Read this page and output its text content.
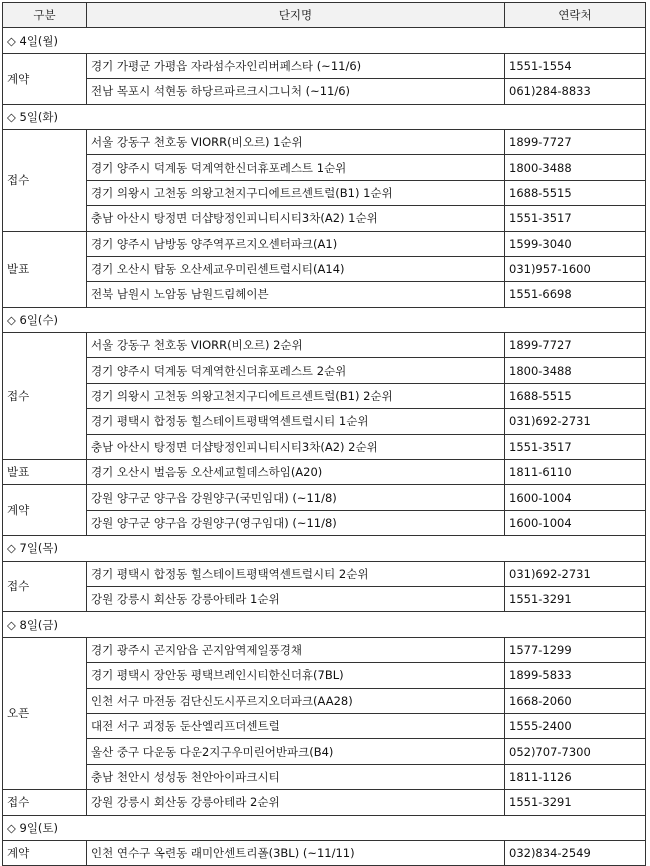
구분	단지명	연락처
◇ 4일(월)		
계약	경기 가평군 가평읍 자라섬수자인리버페스타 (~11/6)	1551-1554
	전남 목포시 석현동 하당르파르크시그니처 (~11/6)	061)284-8833
◇ 5일(화)		
접수	서울 강동구 천호동 VIORR(비오르) 1순위	1899-7727
	경기 양주시 덕계동 덕계역한신더휴포레스트 1순위	1800-3488
	경기 의왕시 고천동 의왕고천지구디에트르센트럴(B1) 1순위	1688-5515
	충남 아산시 탕정면 더샵탕정인피니티시티3차(A2) 1순위	1551-3517
발표	경기 양주시 남방동 양주역푸르지오센터파크(A1)	1599-3040
	경기 오산시 탑동 오산세교우미린센트럴시티(A14)	031)957-1600
	전북 남원시 노암동 남원드림헤이븐	1551-6698
◇ 6일(수)		
접수	서울 강동구 천호동 VIORR(비오르) 2순위	1899-7727
	경기 양주시 덕계동 덕계역한신더휴포레스트 2순위	1800-3488
	경기 의왕시 고천동 의왕고천지구디에트르센트럴(B1) 2순위	1688-5515
	경기 평택시 합정동 힐스테이트평택역센트럴시티 1순위	031)692-2731
	충남 아산시 탕정면 더샵탕정인피니티시티3차(A2) 2순위	1551-3517
발표	경기 오산시 벌음동 오산세교힐데스하임(A20)	1811-6110
계약	강원 양구군 양구읍 강원양구(국민임대) (~11/8)	1600-1004
	강원 양구군 양구읍 강원양구(영구임대) (~11/8)	1600-1004
◇ 7일(목)		
접수	경기 평택시 합정동 힐스테이트평택역센트럴시티 2순위	031)692-2731
	강원 강릉시 회산동 강릉아테라 1순위	1551-3291
◇ 8일(금)		
오픈	경기 광주시 곤지암읍 곤지암역제일풍경채	1577-1299
	경기 평택시 장안동 평택브레인시티한신더휴(7BL)	1899-5833
	인천 서구 마전동 검단신도시푸르지오더파크(AA28)	1668-2060
	대전 서구 괴정동 둔산엘리프더센트럴	1555-2400
	울산 중구 다운동 다운2지구우미린어반파크(B4)	052)707-7300
	충남 천안시 성성동 천안아이파크시티	1811-1126
접수	강원 강릉시 회산동 강릉아테라 2순위	1551-3291
◇ 9일(토)		
계약	인천 연수구 옥련동 래미안센트리폴(3BL) (~11/11)	032)834-2549
